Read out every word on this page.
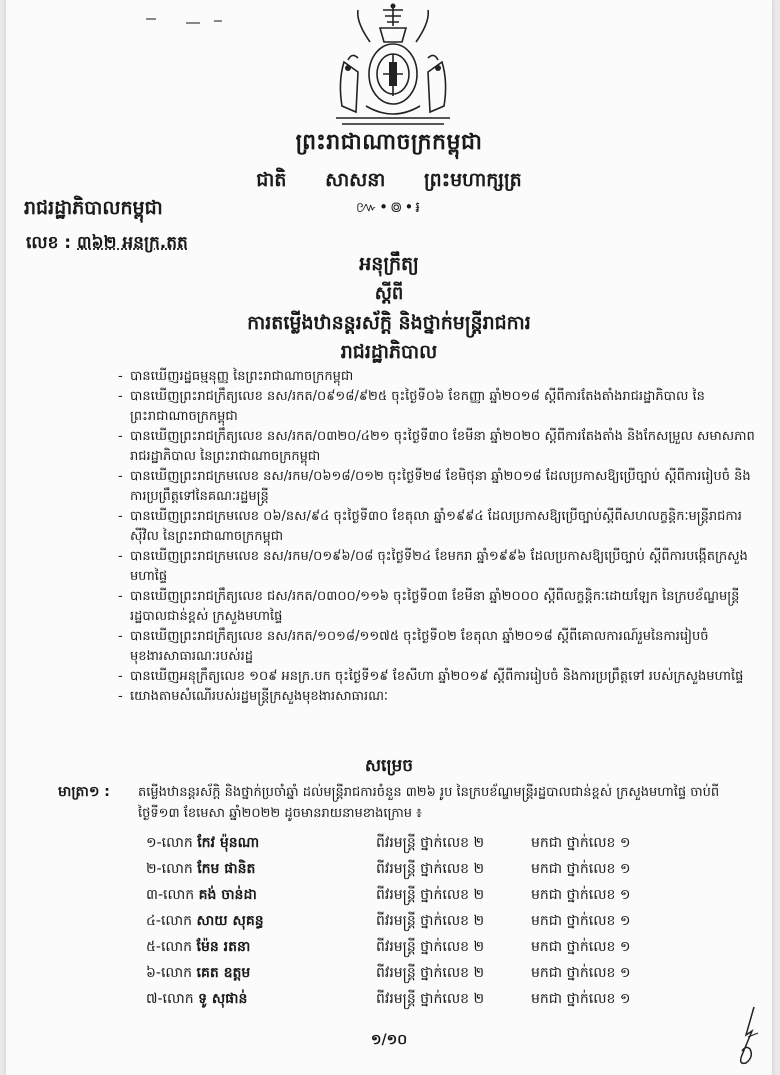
ព្រះរាជាណាចក្រកម្ពុជា
ជាតិ សាសនា ព្រះមហាក្សត្រ
៚•៙•៛
រាជរដ្ឋាភិបាលកម្ពុជា
លេខ : ៣៦២ អនក្រ.តត
អនុក្រឹត្យ
ស្តីពី
ការតម្លើងឋានន្តរស័ក្តិ និងថ្នាក់មន្ត្រីរាជការ
រាជរដ្ឋាភិបាល
- បានឃើញរដ្ឋធម្មនុញ្ញ នៃព្រះរាជាណាចក្រកម្ពុជា
- បានឃើញព្រះរាជក្រឹត្យលេខ នស/រកត/០៩១៨/៩២៥ ចុះថ្ងៃទី០៦ ខែកញ្ញា ឆ្នាំ២០១៨ ស្តីពីការតែងតាំងរាជរដ្ឋាភិបាល នៃព្រះរាជាណាចក្រកម្ពុជា
- បានឃើញព្រះរាជក្រឹត្យលេខ នស/រកត/០៣២០/៤២១ ចុះថ្ងៃទី៣០ ខែមីនា ឆ្នាំ២០២០ ស្តីពីការតែងតាំង និងកែសម្រួល សមាសភាពរាជរដ្ឋាភិបាល នៃព្រះរាជាណាចក្រកម្ពុជា
- បានឃើញព្រះរាជក្រមលេខ នស/រកម/០៦១៨/០១២ ចុះថ្ងៃទី២៨ ខែមិថុនា ឆ្នាំ២០១៨ ដែលប្រកាសឱ្យប្រើច្បាប់ ស្តីពីការរៀបចំ និងការប្រព្រឹត្តទៅនៃគណៈរដ្ឋមន្ត្រី
- បានឃើញព្រះរាជក្រមលេខ ០៦/នស/៩៤ ចុះថ្ងៃទី៣០ ខែតុលា ឆ្នាំ១៩៩៤ ដែលប្រកាសឱ្យប្រើច្បាប់ស្តីពីសហលក្ខន្តិកៈមន្ត្រីរាជការស៊ីវិល នៃព្រះរាជាណាចក្រកម្ពុជា
- បានឃើញព្រះរាជក្រមលេខ នស/រកម/០១៩៦/០៨ ចុះថ្ងៃទី២៤ ខែមករា ឆ្នាំ១៩៩៦ ដែលប្រកាសឱ្យប្រើច្បាប់ ស្តីពីការបង្កើតក្រសួងមហាផ្ទៃ
- បានឃើញព្រះរាជក្រឹត្យលេខ ជស/រកត/០៣០០/១១៦ ចុះថ្ងៃទី០៣ ខែមីនា ឆ្នាំ២០០០ ស្តីពីលក្ខន្តិកៈដោយឡែក នៃក្របខ័ណ្ឌមន្ត្រីរដ្ឋបាលជាន់ខ្ពស់ ក្រសួងមហាផ្ទៃ
- បានឃើញព្រះរាជក្រឹត្យលេខ នស/រកត/១០១៨/១១៧៥ ចុះថ្ងៃទី០២ ខែតុលា ឆ្នាំ២០១៨ ស្តីពីគោលការណ៍រួមនៃការរៀបចំមុខងារសាធារណៈរបស់រដ្ឋ
- បានឃើញអនុក្រឹត្យលេខ ១០៩ អនក្រ.បក ចុះថ្ងៃទី១៩ ខែសីហា ឆ្នាំ២០១៩ ស្តីពីការរៀបចំ និងការប្រព្រឹត្តទៅ របស់ក្រសួងមហាផ្ទៃ
- យោងតាមសំណើរបស់រដ្ឋមន្ត្រីក្រសួងមុខងារសាធារណៈ
សម្រេច
មាត្រា១ : តម្លើងឋានន្តរស័ក្តិ និងថ្នាក់ប្រចាំឆ្នាំ ដល់មន្ត្រីរាជការចំនួន ៣២៦ រូប នៃក្របខ័ណ្ឌមន្ត្រីរដ្ឋបាលជាន់ខ្ពស់ ក្រសួងមហាផ្ទៃ ចាប់ពីថ្ងៃទី១៣ ខែមេសា ឆ្នាំ២០២២ ដូចមានរាយនាមខាងក្រោម ៖
១-លោក កែវ ម៉ុនណា	ពីវរមន្ត្រី ថ្នាក់លេខ ២	មកជា ថ្នាក់លេខ ១
២-លោក កែម ផានិត	ពីវរមន្ត្រី ថ្នាក់លេខ ២	មកជា ថ្នាក់លេខ ១
៣-លោក គង់ ចាន់ដា	ពីវរមន្ត្រី ថ្នាក់លេខ ២	មកជា ថ្នាក់លេខ ១
៤-លោក សាយ សុគន្ធ	ពីវរមន្ត្រី ថ្នាក់លេខ ២	មកជា ថ្នាក់លេខ ១
៥-លោក ម៉ែន រតនា	ពីវរមន្ត្រី ថ្នាក់លេខ ២	មកជា ថ្នាក់លេខ ១
៦-លោក គេត ឧត្តម	ពីវរមន្ត្រី ថ្នាក់លេខ ២	មកជា ថ្នាក់លេខ ១
៧-លោក ទូ សុផាន់	ពីវរមន្ត្រី ថ្នាក់លេខ ២	មកជា ថ្នាក់លេខ ១
១/១០
